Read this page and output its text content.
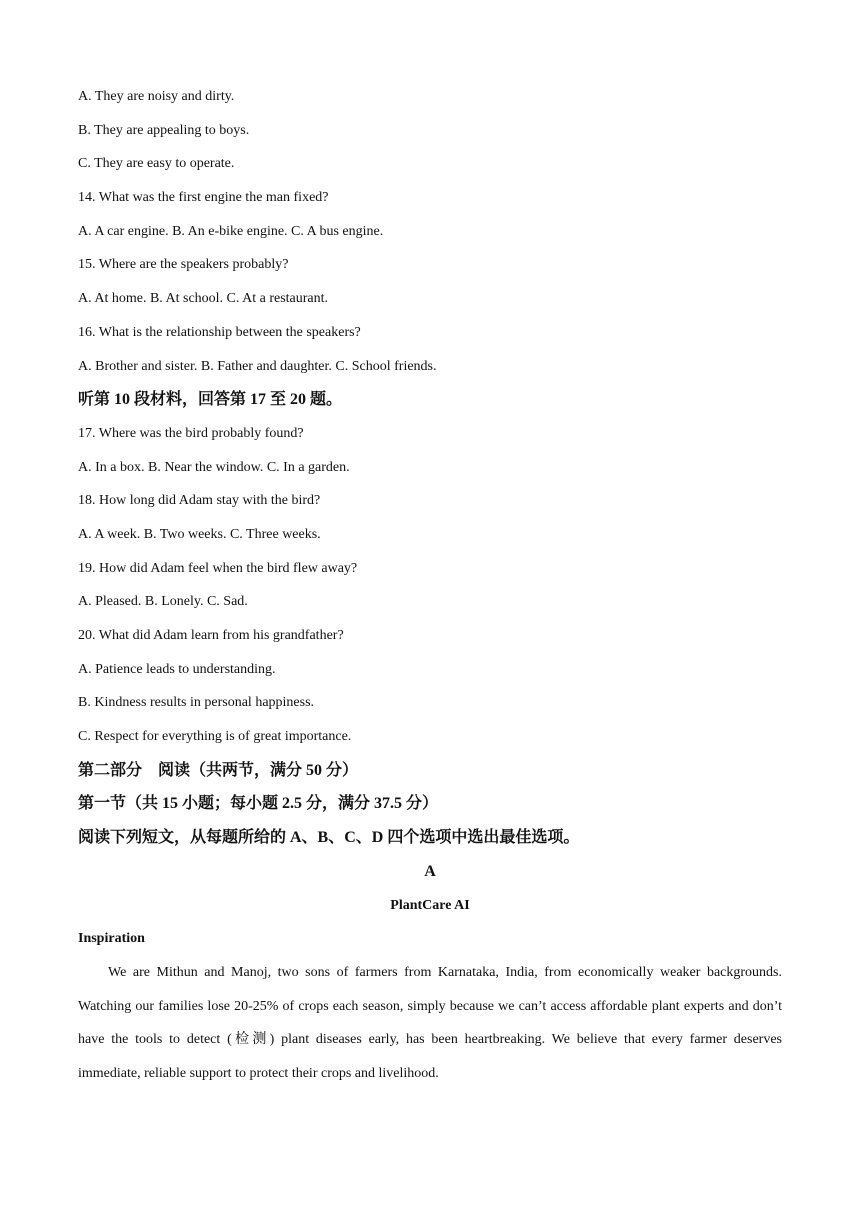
A. They are noisy and dirty.
B. They are appealing to boys.
C. They are easy to operate.
14. What was the first engine the man fixed?
A. A car engine. B. An e-bike engine. C. A bus engine.
15. Where are the speakers probably?
A. At home. B. At school. C. At a restaurant.
16. What is the relationship between the speakers?
A. Brother and sister. B. Father and daughter. C. School friends.
听第 10 段材料，回答第 17 至 20 题。
17. Where was the bird probably found?
A. In a box. B. Near the window. C. In a garden.
18. How long did Adam stay with the bird?
A. A week. B. Two weeks. C. Three weeks.
19. How did Adam feel when the bird flew away?
A. Pleased. B. Lonely. C. Sad.
20. What did Adam learn from his grandfather?
A. Patience leads to understanding.
B. Kindness results in personal happiness.
C. Respect for everything is of great importance.
第二部分　阅读（共两节，满分 50 分）
第一节（共 15 小题；每小题 2.5 分，满分 37.5 分）
阅读下列短文，从每题所给的 A、B、C、D 四个选项中选出最佳选项。
A
PlantCare AI
Inspiration
We are Mithun and Manoj, two sons of farmers from Karnataka, India, from economically weaker backgrounds. Watching our families lose 20-25% of crops each season, simply because we can’t access affordable plant experts and don’t have the tools to detect (检测) plant diseases early, has been heartbreaking. We believe that every farmer deserves immediate, reliable support to protect their crops and livelihood.
